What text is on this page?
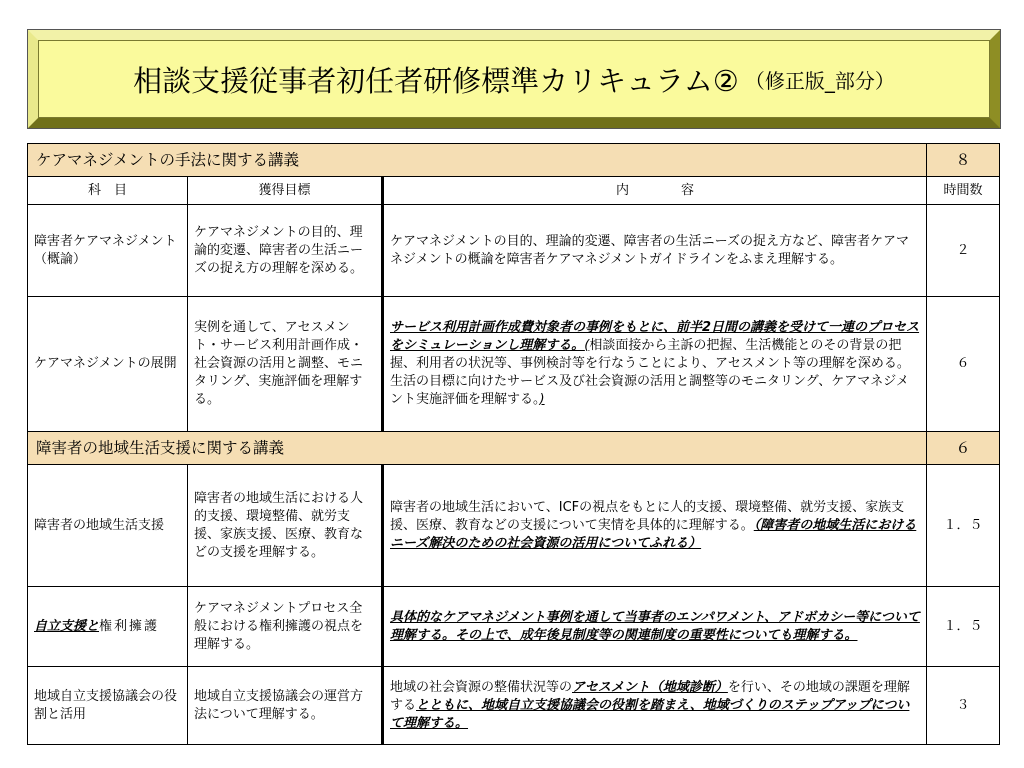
相談支援従事者初任者研修標準カリキュラム② （修正版_部分）
ケアマネジメントの手法に関する講義			８
科　目	獲得目標	内　　　　容	時間数
障害者ケアマネジメント（概論）	ケアマネジメントの目的、理論的変遷、障害者の生活ニーズの捉え方の理解を深める。	ケアマネジメントの目的、理論的変遷、障害者の生活ニーズの捉え方など、障害者ケアマネジメントの概論を障害者ケアマネジメントガイドラインをふまえ理解する。	２
ケアマネジメントの展開	実例を通して、アセスメント・サービス利用計画作成・社会資源の活用と調整、モニタリング、実施評価を理解する。	サービス利用計画作成費対象者の事例をもとに、前半2日間の講義を受けて一連のプロセスをシミュレーションし理解する。(相談面接から主訴の把握、生活機能とのその背景の把握、利用者の状況等、事例検討等を行なうことにより、アセスメント等の理解を深める。生活の目標に向けたサービス及び社会資源の活用と調整等のモニタリング、ケアマネジメント実施評価を理解する。)	６
障害者の地域生活支援に関する講義			６
障害者の地域生活支援	障害者の地域生活における人的支援、環境整備、就労支援、家族支援、医療、教育などの支援を理解する。	障害者の地域生活において、ICFの視点をもとに人的支援、環境整備、就労支援、家族支援、医療、教育などの支援について実情を具体的に理解する。（障害者の地域生活におけるニーズ解決のための社会資源の活用についてふれる）	１．５
自立支援と権利擁護	ケアマネジメントプロセス全般における権利擁護の視点を理解する。	具体的なケアマネジメント事例を通して当事者のエンパワメント、アドボカシー等について理解する。その上で、成年後見制度等の関連制度の重要性についても理解する。	１．５
地域自立支援協議会の役割と活用	地域自立支援協議会の運営方法について理解する。	地域の社会資源の整備状況等のアセスメント（地域診断）を行い、その地域の課題を理解するとともに、地域自立支援協議会の役割を踏まえ、地域づくりのステップアップについて理解する。	３
